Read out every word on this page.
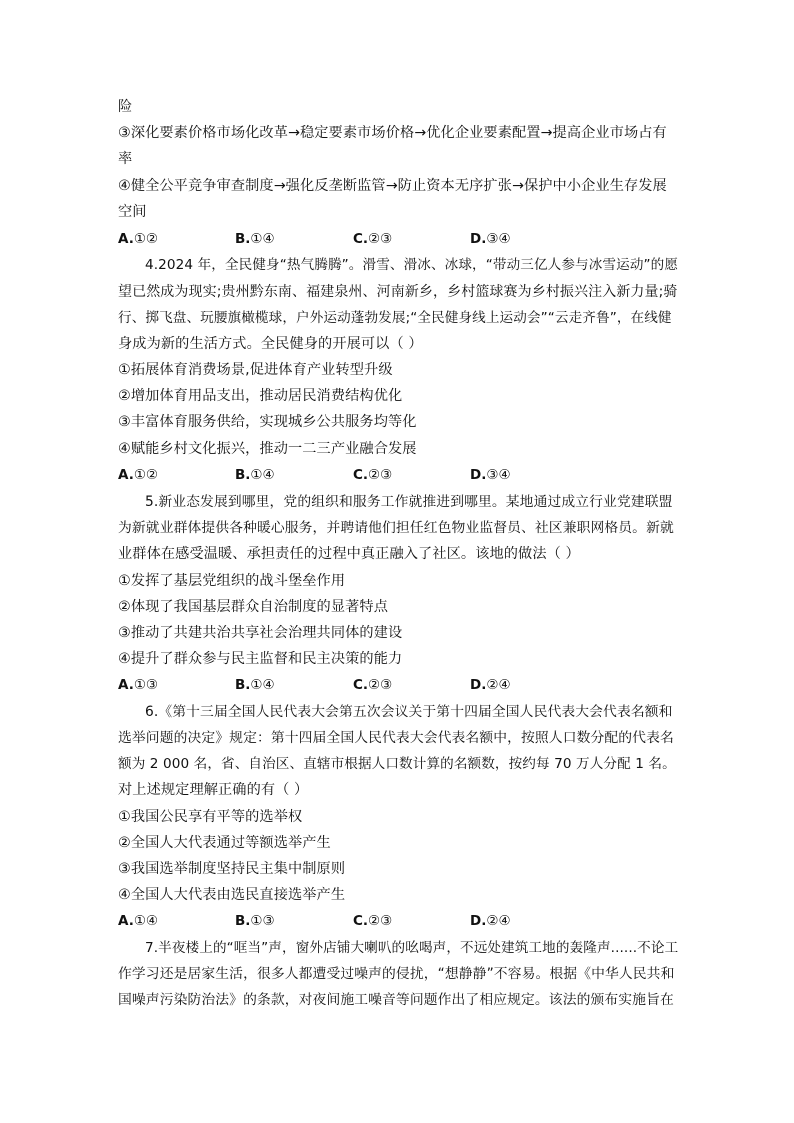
险
③深化要素价格市场化改革→稳定要素市场价格→优化企业要素配置→提高企业市场占有
率
④健全公平竞争审查制度→强化反垄断监管→防止资本无序扩张→保护中小企业生存发展
空间
A.①②	B.①④	C.②③	D.③④
4.2024 年，全民健身“热气腾腾”。滑雪、滑冰、冰球，“带动三亿人参与冰雪运动”的愿
望已然成为现实;贵州黔东南、福建泉州、河南新乡，乡村篮球赛为乡村振兴注入新力量;骑
行、掷飞盘、玩腰旗橄榄球，户外运动蓬勃发展;“全民健身线上运动会”“云走齐鲁”，在线健
身成为新的生活方式。全民健身的开展可以（ ）
①拓展体育消费场景,促进体育产业转型升级
②增加体育用品支出，推动居民消费结构优化
③丰富体育服务供给，实现城乡公共服务均等化
④赋能乡村文化振兴，推动一二三产业融合发展
A.①②	B.①④	C.②③	D.③④
5.新业态发展到哪里，党的组织和服务工作就推进到哪里。某地通过成立行业党建联盟
为新就业群体提供各种暖心服务，并聘请他们担任红色物业监督员、社区兼职网格员。新就
业群体在感受温暖、承担责任的过程中真正融入了社区。该地的做法（ ）
①发挥了基层党组织的战斗堡垒作用
②体现了我国基层群众自治制度的显著特点
③推动了共建共治共享社会治理共同体的建设
④提升了群众参与民主监督和民主决策的能力
A.①③	B.①④	C.②③	D.②④
6.《第十三届全国人民代表大会第五次会议关于第十四届全国人民代表大会代表名额和
选举问题的决定》规定：第十四届全国人民代表大会代表名额中，按照人口数分配的代表名
额为 2 000 名，省、自治区、直辖市根据人口数计算的名额数，按约每 70 万人分配 1 名。
对上述规定理解正确的有（ ）
①我国公民享有平等的选举权
②全国人大代表通过等额选举产生
③我国选举制度坚持民主集中制原则
④全国人大代表由选民直接选举产生
A.①④	B.①③	C.②③	D.②④
7.半夜楼上的“哐当”声，窗外店铺大喇叭的吆喝声，不远处建筑工地的轰隆声......不论工
作学习还是居家生活，很多人都遭受过噪声的侵扰，“想静静”不容易。根据《中华人民共和
国噪声污染防治法》的条款，对夜间施工噪音等问题作出了相应规定。该法的颁布实施旨在
